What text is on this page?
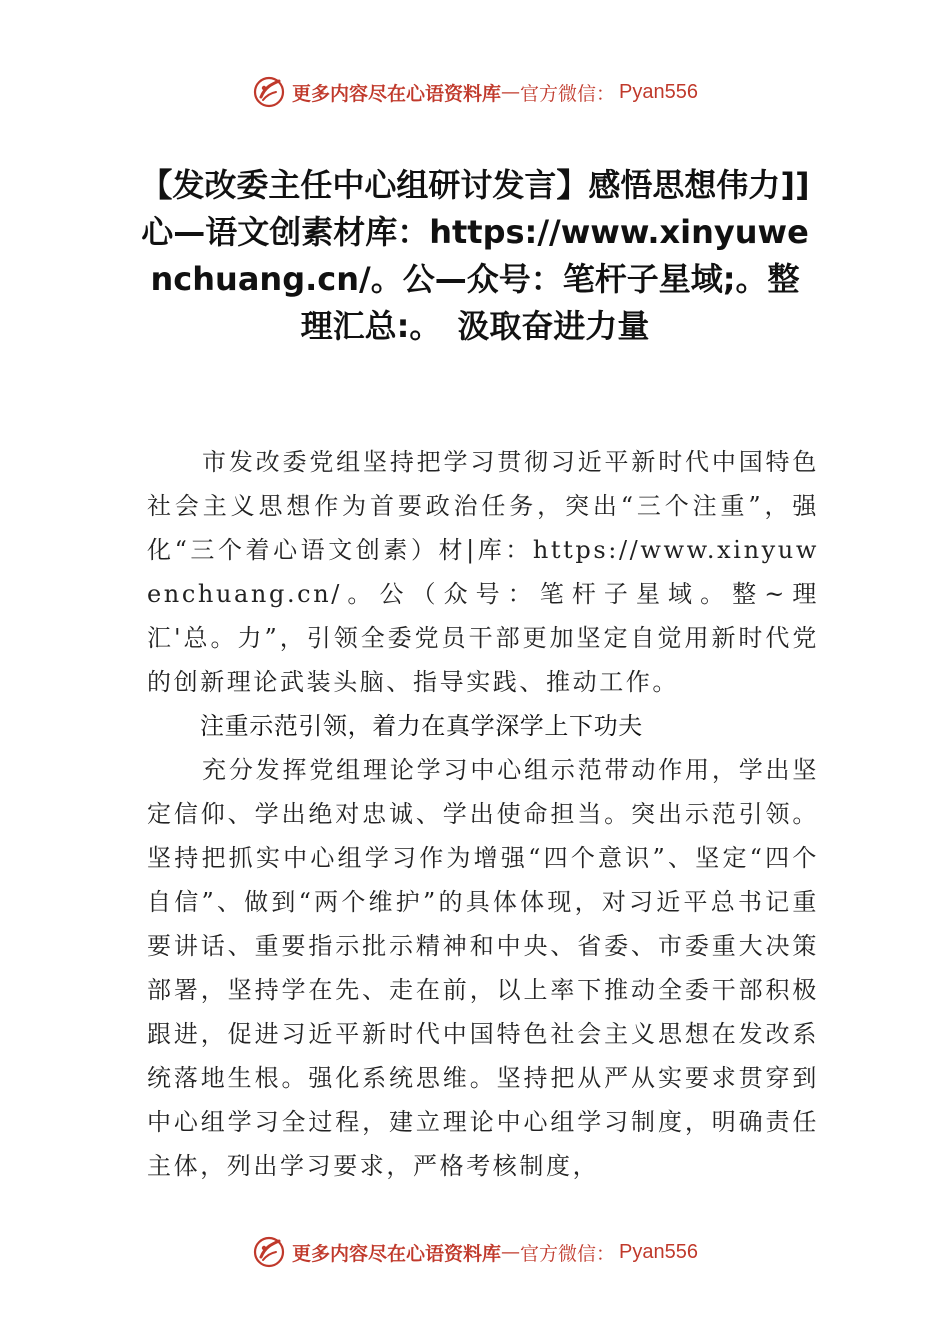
更多内容尽在心语资料库 — 官方微信： Pyan556
【发改委主任中心组研讨发言】感悟思想伟力]]心—语文创素材库：https://www.xinyuwenchuang.cn/。公—众号：笔杆子星域;。整理汇总:。　汲取奋进力量

市发改委党组坚持把学习贯彻习近平新时代中国特色社会主义思想作为首要政治任务，突出“三个注重”，强化“三个着心语文创素）材|库：https://www.xinyuwenchuang.cn/。公（众号：笔杆子星域。整~理汇'总。力”，引领全委党员干部更加坚定自觉用新时代党的创新理论武装头脑、指导实践、推动工作。

注重示范引领，着力在真学深学上下功夫

充分发挥党组理论学习中心组示范带动作用，学出坚定信仰、学出绝对忠诚、学出使命担当。突出示范引领。坚持把抓实中心组学习作为增强“四个意识”、坚定“四个自信”、做到“两个维护”的具体体现，对习近平总书记重要讲话、重要指示批示精神和中央、省委、市委重大决策部署，坚持学在先、走在前，以上率下推动全委干部积极跟进，促进习近平新时代中国特色社会主义思想在发改系统落地生根。强化系统思维。坚持把从严从实要求贯穿到中心组学习全过程，建立理论中心组学习制度，明确责任主体，列出学习要求，严格考核制度，

更多内容尽在心语资料库 — 官方微信： Pyan556
